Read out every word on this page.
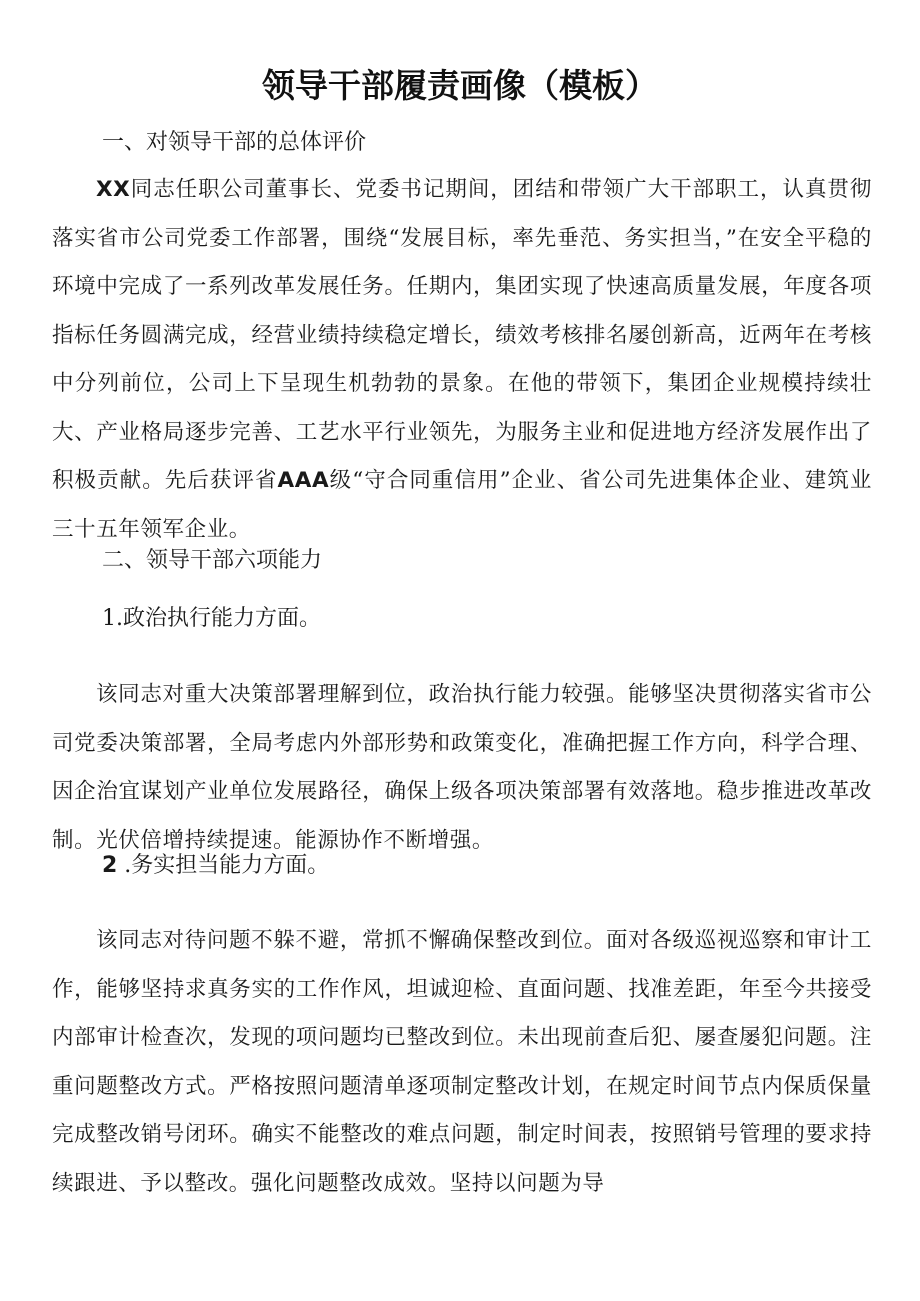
领导干部履责画像（模板）
一、对领导干部的总体评价

XX同志任职公司董事长、党委书记期间，团结和带领广大干部职工，认真贯彻落实省市公司党委工作部署，围绕“发展目标，率先垂范、务实担当，”在安全平稳的环境中完成了一系列改革发展任务。任期内，集团实现了快速高质量发展，年度各项指标任务圆满完成，经营业绩持续稳定增长，绩效考核排名屡创新高，近两年在考核中分列前位，公司上下呈现生机勃勃的景象。在他的带领下，集团企业规模持续壮大、产业格局逐步完善、工艺水平行业领先，为服务主业和促进地方经济发展作出了积极贡献。先后获评省AAA级“守合同重信用”企业、省公司先进集体企业、建筑业三十五年领军企业。

二、领导干部六项能力
1.政治执行能力方面。

该同志对重大决策部署理解到位，政治执行能力较强。能够坚决贯彻落实省市公司党委决策部署，全局考虑内外部形势和政策变化，准确把握工作方向，科学合理、因企治宜谋划产业单位发展路径，确保上级各项决策部署有效落地。稳步推进改革改制。光伏倍增持续提速。能源协作不断增强。

2 .务实担当能力方面。

该同志对待问题不躲不避，常抓不懈确保整改到位。面对各级巡视巡察和审计工作，能够坚持求真务实的工作作风，坦诚迎检、直面问题、找准差距，年至今共接受内部审计检查次，发现的项问题均已整改到位。未出现前查后犯、屡查屡犯问题。注重问题整改方式。严格按照问题清单逐项制定整改计划，在规定时间节点内保质保量完成整改销号闭环。确实不能整改的难点问题，制定时间表，按照销号管理的要求持续跟进、予以整改。强化问题整改成效。坚持以问题为导
